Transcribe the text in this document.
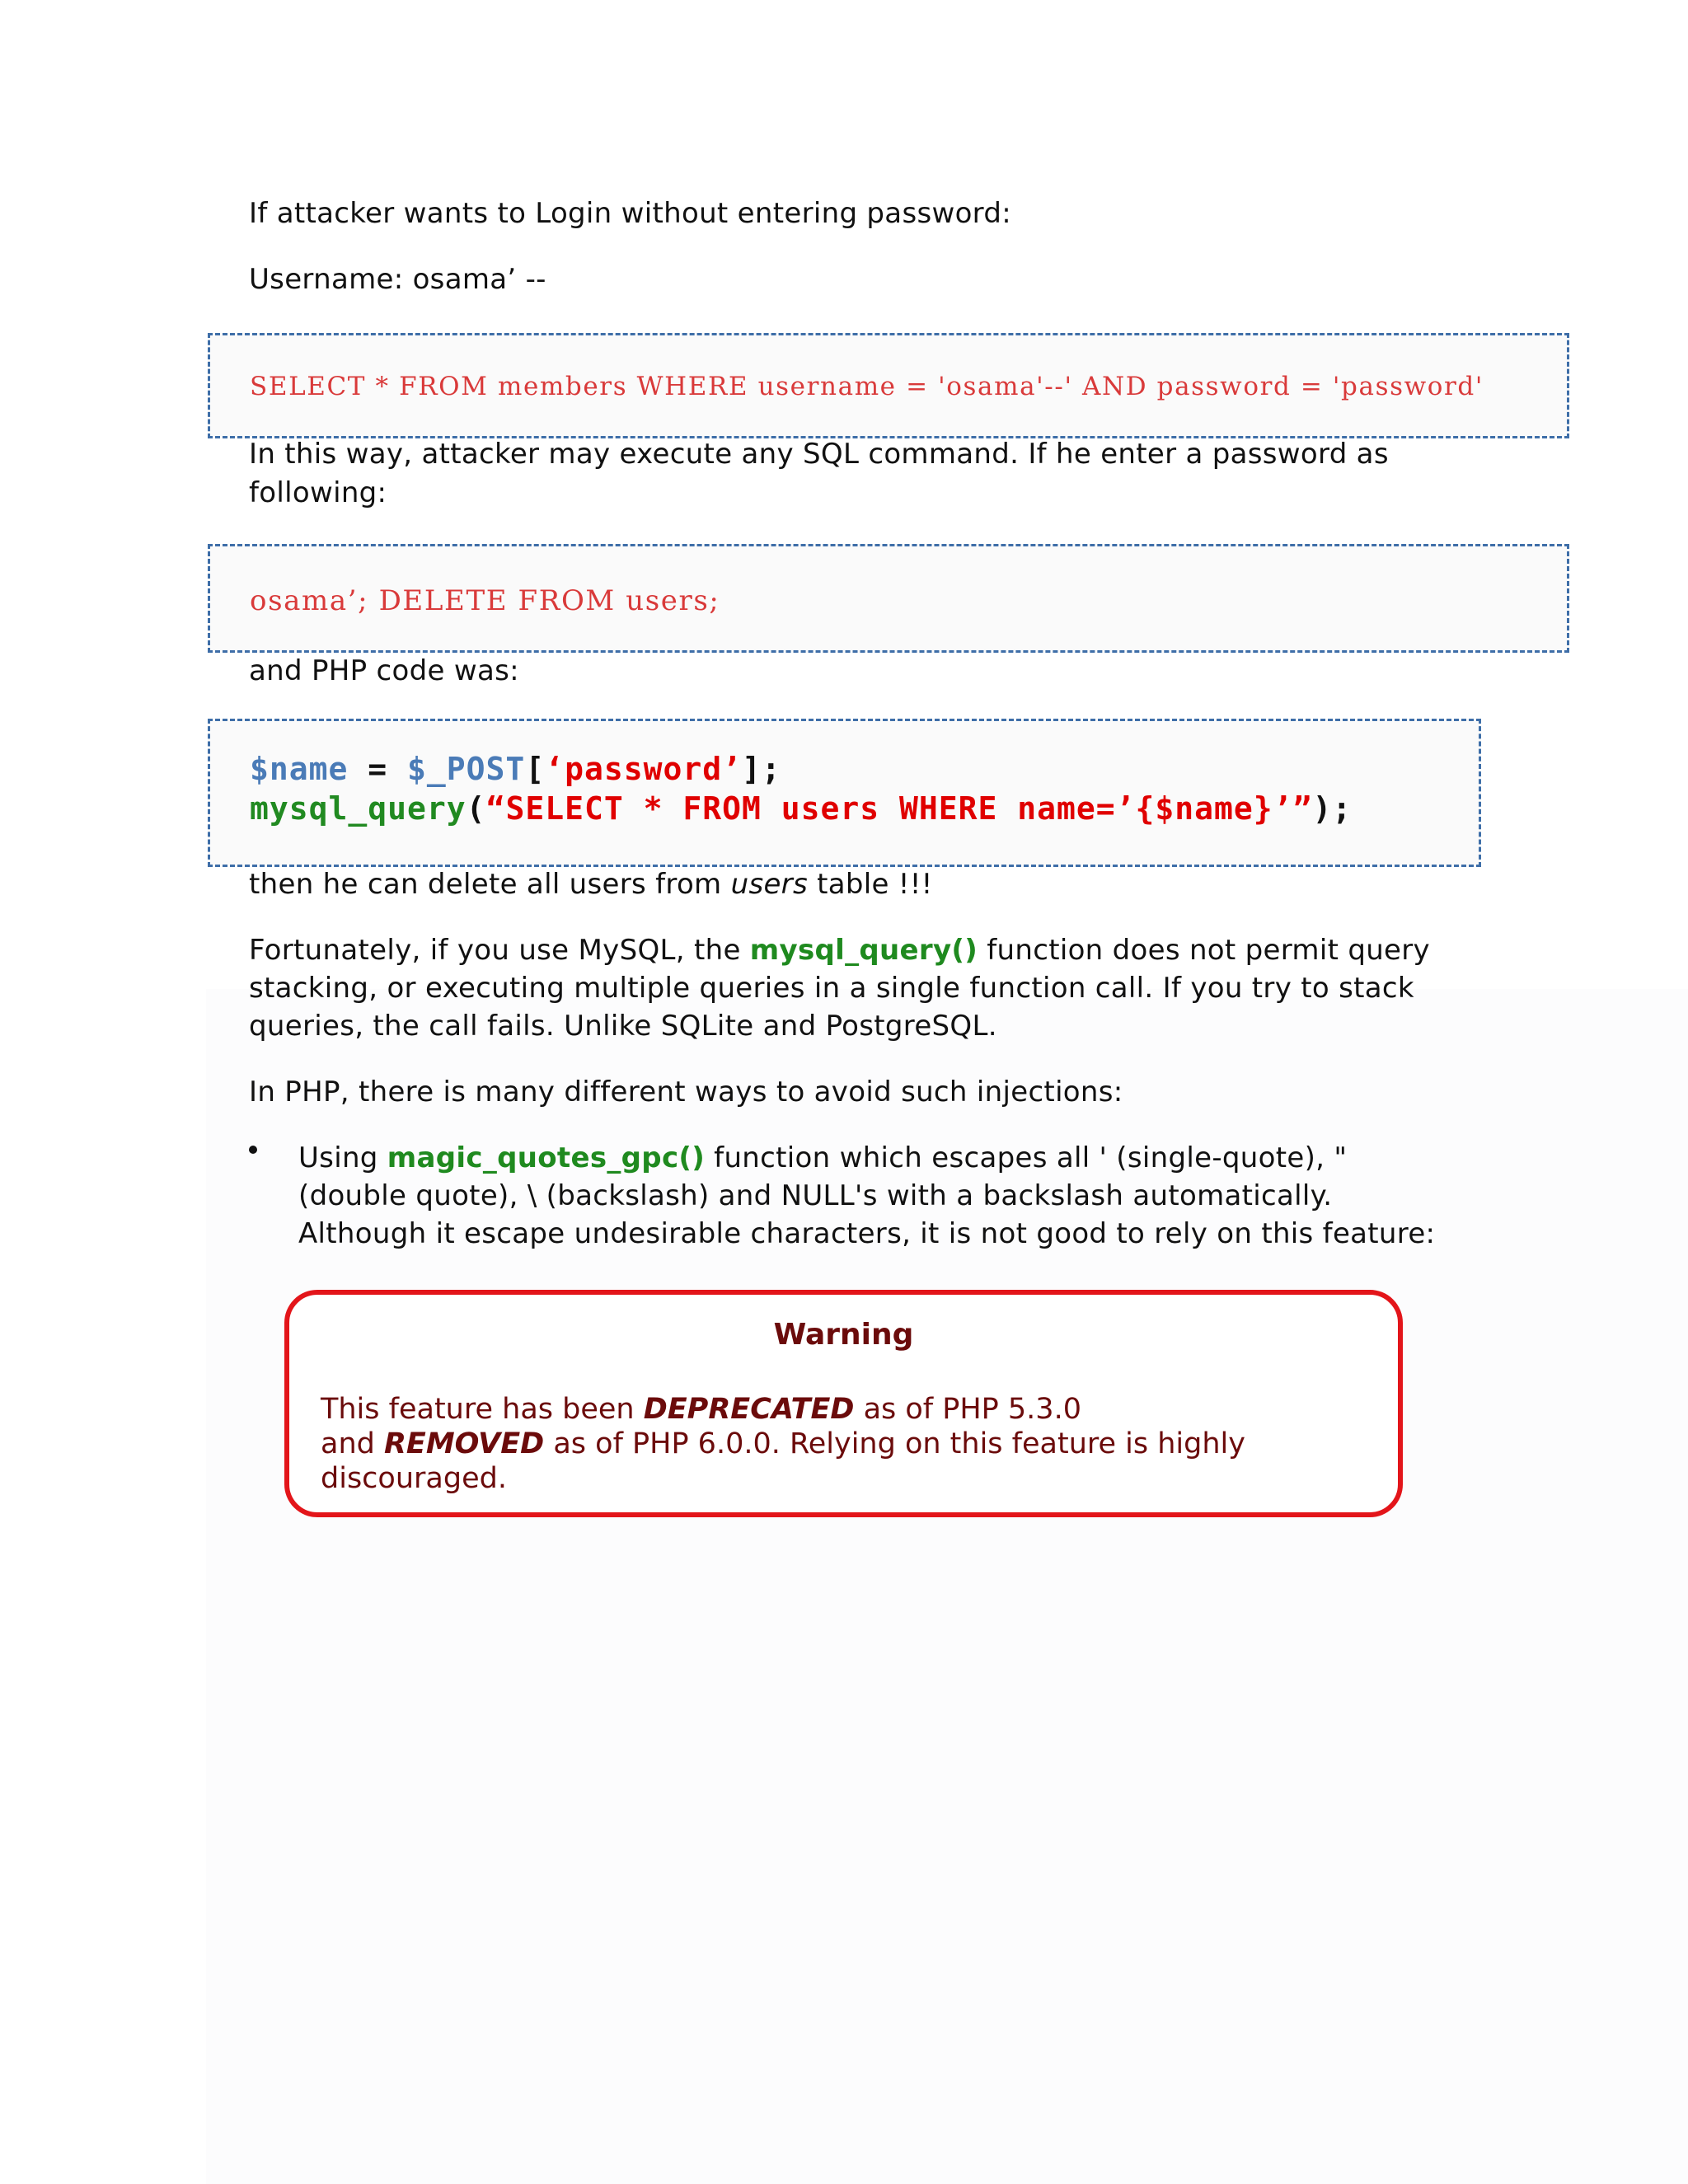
If attacker wants to Login without entering password:

Username: osama’ --

SELECT * FROM members WHERE username = 'osama'--' AND password = 'password'

In this way, attacker may execute any SQL command. If he enter a password as

following:

osama’; DELETE FROM users;

and PHP code was:

$name = $_POST[‘password’];
mysql_query(“SELECT * FROM users WHERE name=’{$name}’”);

then he can delete all users from users table !!!

Fortunately, if you use MySQL, the mysql_query() function does not permit query

stacking, or executing multiple queries in a single function call. If you try to stack

queries, the call fails. Unlike SQLite and PostgreSQL.

In PHP, there is many different ways to avoid such injections:

Using magic_quotes_gpc() function which escapes all ' (single-quote), "
(double quote), \ (backslash) and NULL's with a backslash automatically.
Although it escape undesirable characters, it is not good to rely on this feature:
Warning
This feature has been DEPRECATED as of PHP 5.3.0
and REMOVED as of PHP 6.0.0. Relying on this feature is highly
discouraged.
